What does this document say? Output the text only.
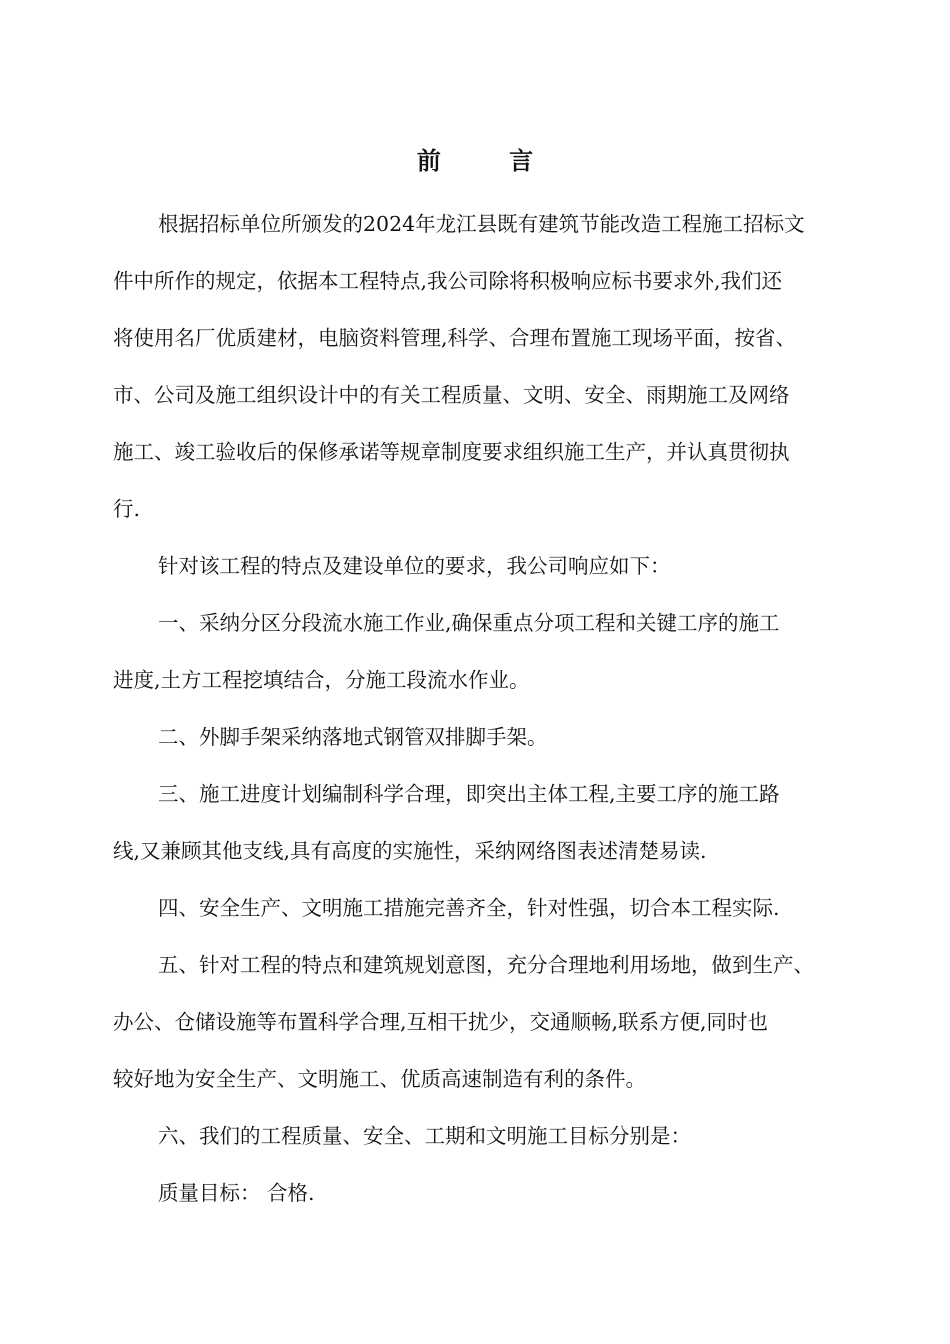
前 言

根据招标单位所颁发的2024年龙江县既有建筑节能改造工程施工招标文
件中所作的规定，依据本工程特点,我公司除将积极响应标书要求外,我们还
将使用名厂优质建材，电脑资料管理,科学、合理布置施工现场平面，按省、
市、公司及施工组织设计中的有关工程质量、文明、安全、雨期施工及网络
施工、竣工验收后的保修承诺等规章制度要求组织施工生产，并认真贯彻执
行.

针对该工程的特点及建设单位的要求，我公司响应如下：

一、采纳分区分段流水施工作业,确保重点分项工程和关键工序的施工
进度,土方工程挖填结合，分施工段流水作业。

二、外脚手架采纳落地式钢管双排脚手架。

三、施工进度计划编制科学合理，即突出主体工程,主要工序的施工路
线,又兼顾其他支线,具有高度的实施性，采纳网络图表述清楚易读.

四、安全生产、文明施工措施完善齐全，针对性强，切合本工程实际.

五、针对工程的特点和建筑规划意图，充分合理地利用场地，做到生产、
办公、仓储设施等布置科学合理,互相干扰少，交通顺畅,联系方便,同时也
较好地为安全生产、文明施工、优质高速制造有利的条件。

六、我们的工程质量、安全、工期和文明施工目标分别是：

质量目标： 合格.
